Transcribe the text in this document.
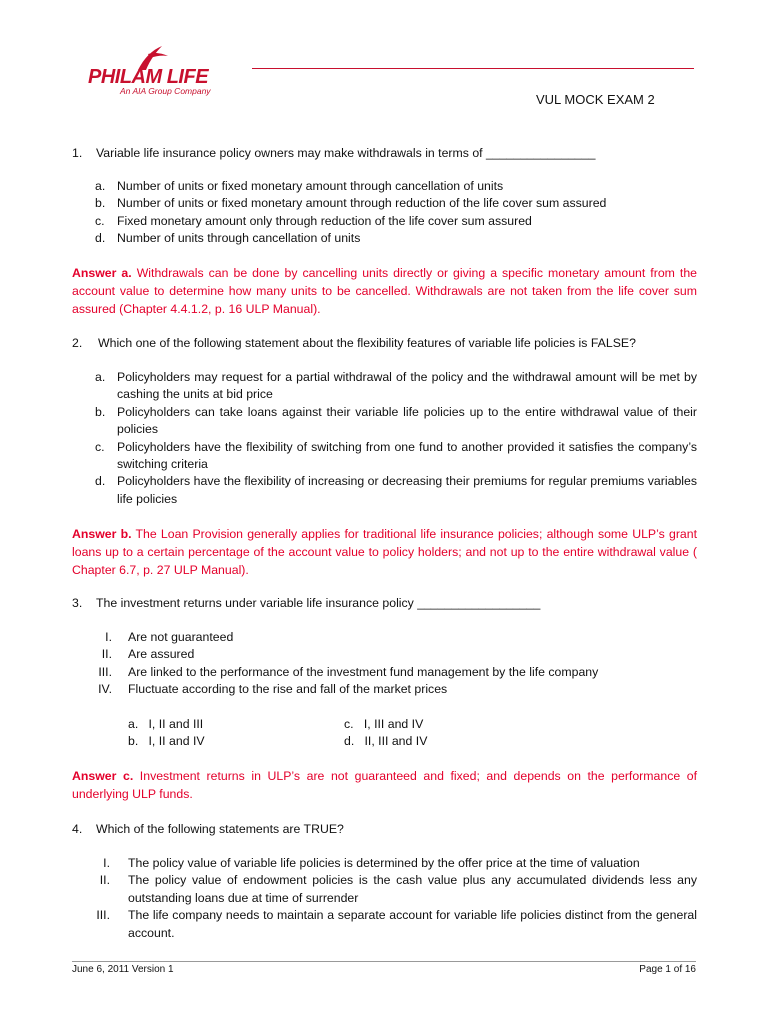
PHILAM LIFE
An AIA Group Company
VUL MOCK EXAM 2
1. Variable life insurance policy owners may make withdrawals in terms of ________________
a. Number of units or fixed monetary amount through cancellation of units
b. Number of units or fixed monetary amount through reduction of the life cover sum assured
c. Fixed monetary amount only through reduction of the life cover sum assured
d. Number of units through cancellation of units
Answer a. Withdrawals can be done by cancelling units directly or giving a specific monetary amount from the account value to determine how many units to be cancelled. Withdrawals are not taken from the life cover sum assured (Chapter 4.4.1.2, p. 16 ULP Manual).
2. Which one of the following statement about the flexibility features of variable life policies is FALSE?
a. Policyholders may request for a partial withdrawal of the policy and the withdrawal amount will be met by cashing the units at bid price
b. Policyholders can take loans against their variable life policies up to the entire withdrawal value of their policies
c. Policyholders have the flexibility of switching from one fund to another provided it satisfies the company’s switching criteria
d. Policyholders have the flexibility of increasing or decreasing their premiums for regular premiums variables life policies
Answer b. The Loan Provision generally applies for traditional life insurance policies; although some ULP’s grant loans up to a certain percentage of the account value to policy holders; and not up to the entire withdrawal value ( Chapter 6.7, p. 27 ULP Manual).
3. The investment returns under variable life insurance policy __________________
I. Are not guaranteed
II. Are assured
III. Are linked to the performance of the investment fund management by the life company
IV. Fluctuate according to the rise and fall of the market prices
a. I, II and III	c. I, III and IV
b. I, II and IV	d. II, III and IV
Answer c. Investment returns in ULP’s are not guaranteed and fixed; and depends on the performance of underlying ULP funds.
4. Which of the following statements are TRUE?
I. The policy value of variable life policies is determined by the offer price at the time of valuation
II. The policy value of endowment policies is the cash value plus any accumulated dividends less any outstanding loans due at time of surrender
III. The life company needs to maintain a separate account for variable life policies distinct from the general account.
June 6, 2011 Version 1	Page 1 of 16
